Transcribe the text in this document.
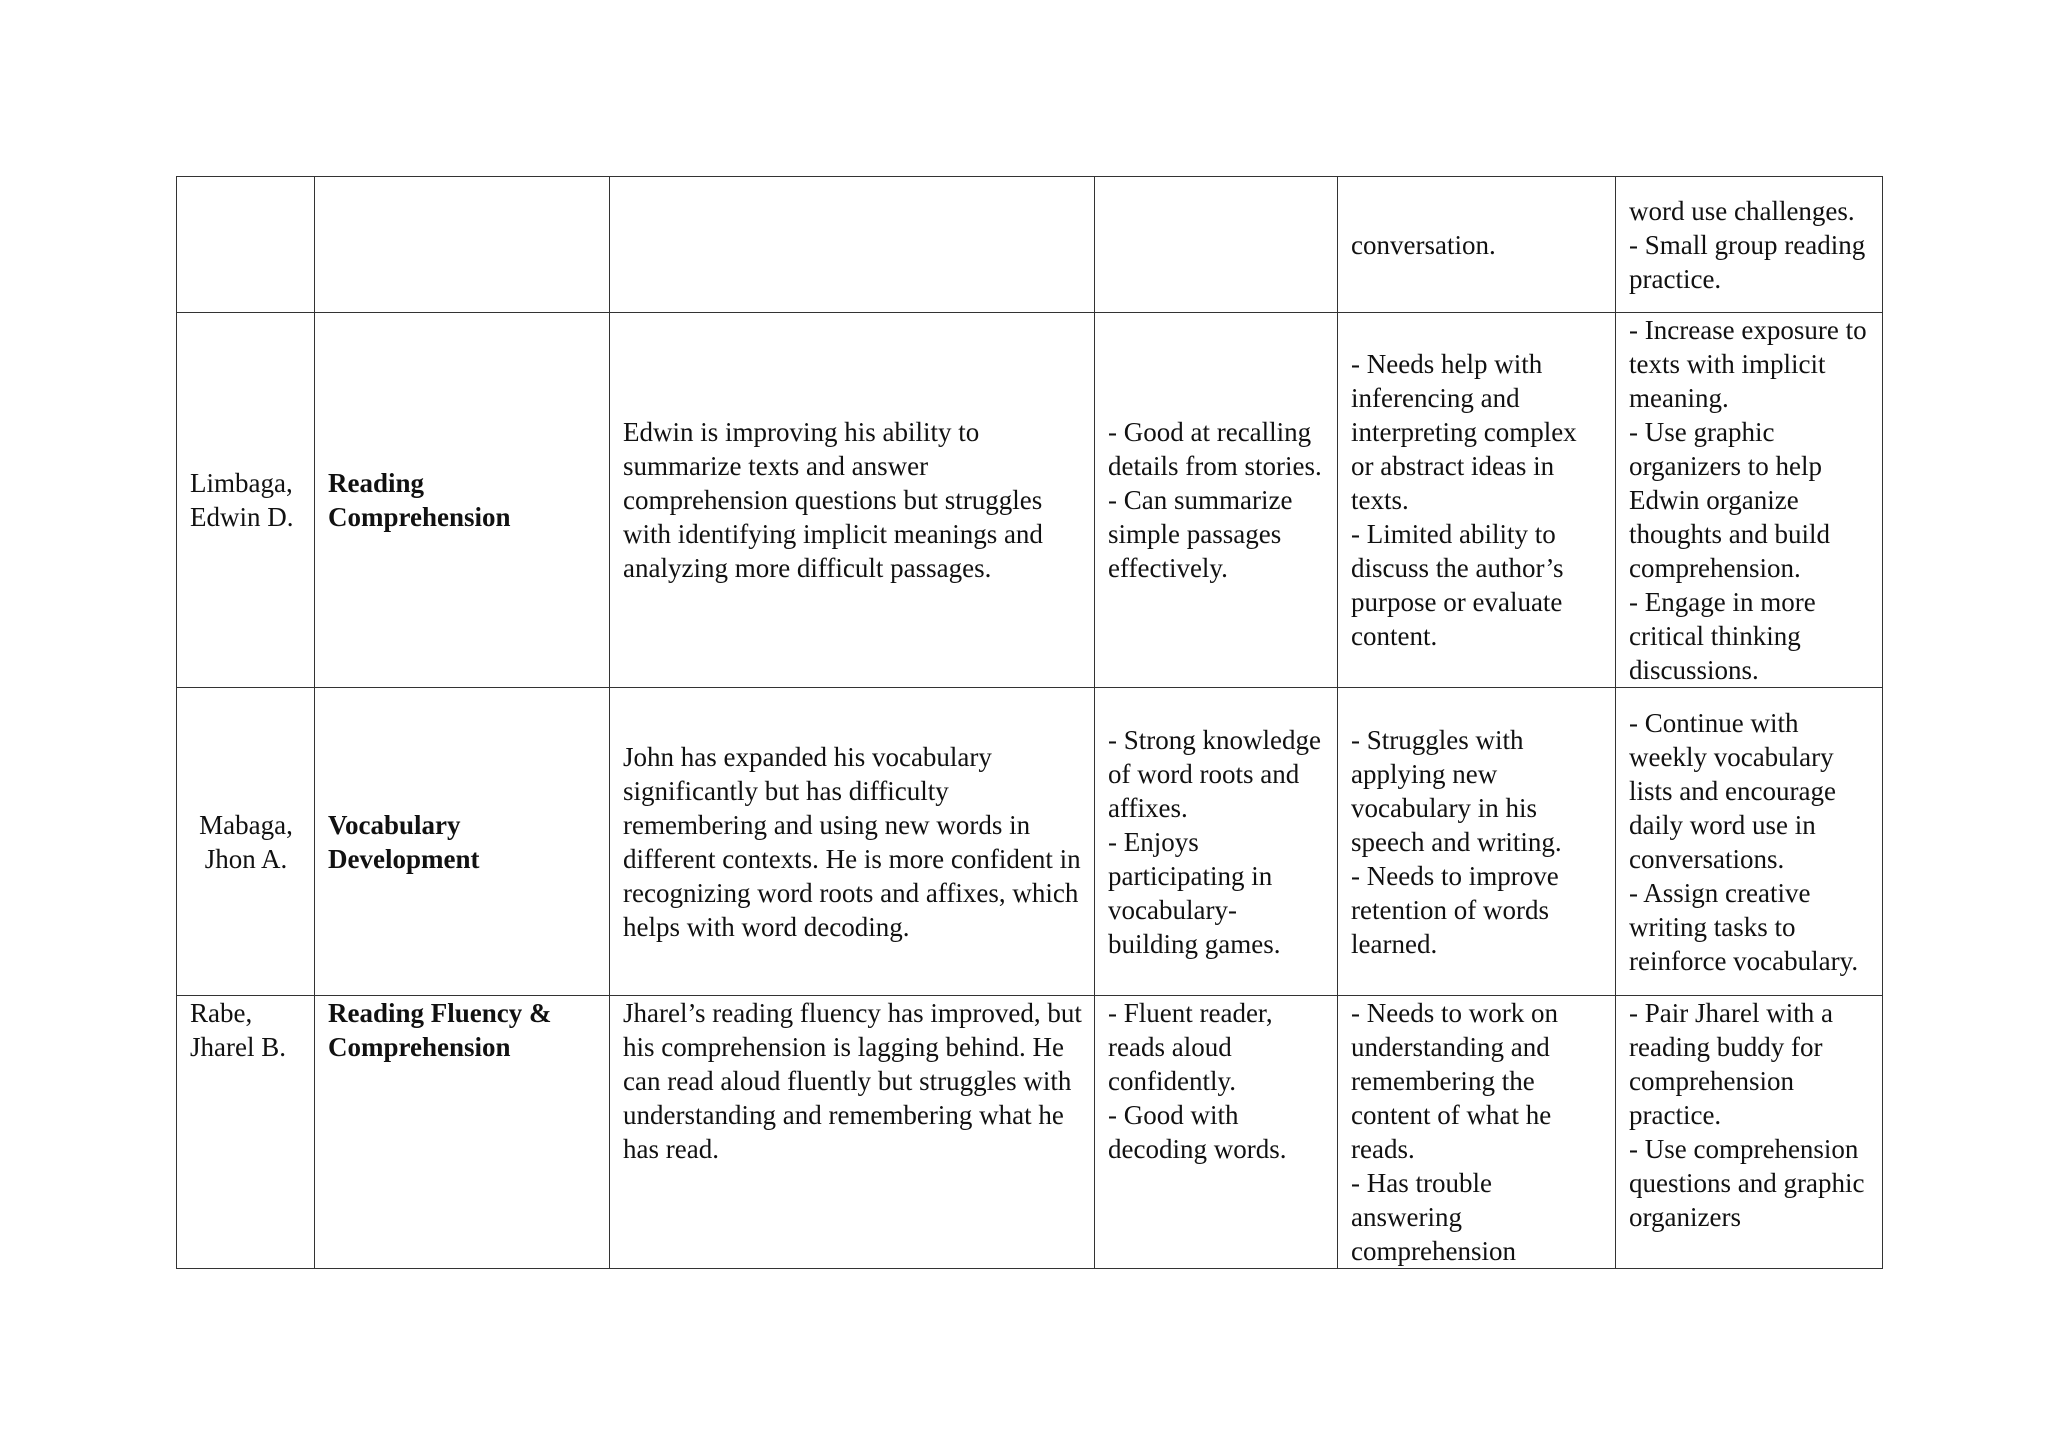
				conversation.	word use challenges.
- Small group reading practice.

Limbaga, Edwin D.	Reading Comprehension	Edwin is improving his ability to summarize texts and answer comprehension questions but struggles with identifying implicit meanings and analyzing more difficult passages.	- Good at recalling details from stories.
- Can summarize simple passages effectively.	- Needs help with inferencing and interpreting complex or abstract ideas in texts.
- Limited ability to discuss the author’s purpose or evaluate content.	- Increase exposure to texts with implicit meaning.
- Use graphic organizers to help Edwin organize thoughts and build comprehension.
- Engage in more critical thinking discussions.

Mabaga, Jhon A.	Vocabulary Development	John has expanded his vocabulary significantly but has difficulty remembering and using new words in different contexts. He is more confident in recognizing word roots and affixes, which helps with word decoding.	- Strong knowledge of word roots and affixes.
- Enjoys participating in vocabulary-building games.	- Struggles with applying new vocabulary in his speech and writing.
- Needs to improve retention of words learned.	- Continue with weekly vocabulary lists and encourage daily word use in conversations.
- Assign creative writing tasks to reinforce vocabulary.

Rabe, Jharel B.	Reading Fluency & Comprehension	Jharel’s reading fluency has improved, but his comprehension is lagging behind. He can read aloud fluently but struggles with understanding and remembering what he has read.	- Fluent reader, reads aloud confidently.
- Good with decoding words.	- Needs to work on understanding and remembering the content of what he reads.
- Has trouble answering comprehension	- Pair Jharel with a reading buddy for comprehension practice.
- Use comprehension questions and graphic organizers
